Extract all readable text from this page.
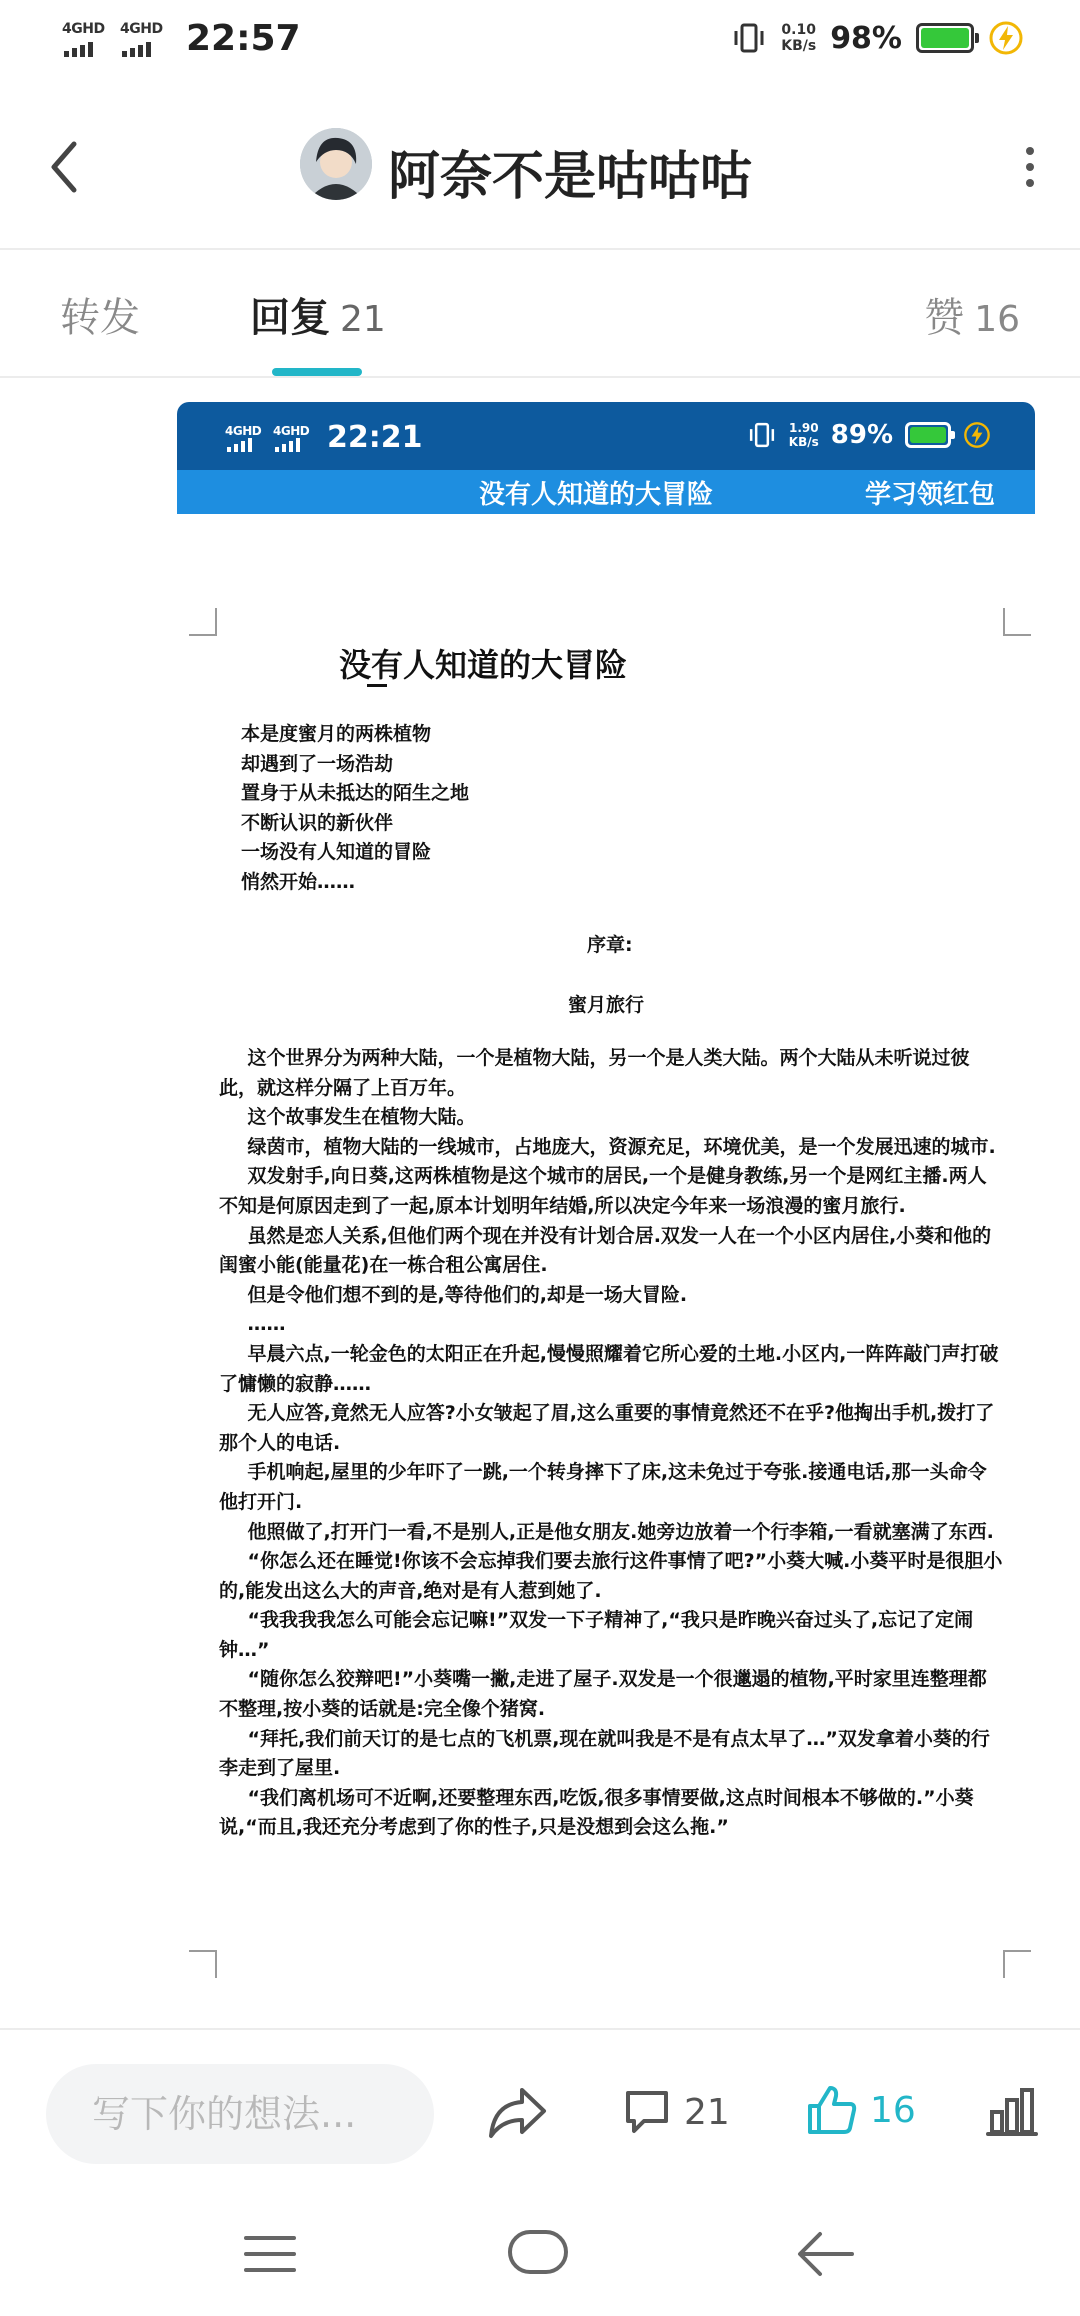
4GHD 4GHD 22:57	0.10
KB/s 98%
阿奈不是咕咕咕
转发	回复 21	赞 16
4GHD 4GHD 22:21	1.90
KB/s 89%
没有人知道的大冒险	学习领红包
没有人知道的大冒险
本是度蜜月的两株植物
却遇到了一场浩劫
置身于从未抵达的陌生之地
不断认识的新伙伴
一场没有人知道的冒险
悄然开始……
序章:
蜜月旅行

这个世界分为两种大陆，一个是植物大陆，另一个是人类大陆。两个大陆从未听说过彼此，就这样分隔了上百万年。

这个故事发生在植物大陆。

绿茵市，植物大陆的一线城市，占地庞大，资源充足，环境优美，是一个发展迅速的城市.

双发射手,向日葵,这两株植物是这个城市的居民,一个是健身教练,另一个是网红主播.两人不知是何原因走到了一起,原本计划明年结婚,所以决定今年来一场浪漫的蜜月旅行.

虽然是恋人关系,但他们两个现在并没有计划合居.双发一人在一个小区内居住,小葵和他的闺蜜小能(能量花)在一栋合租公寓居住.

但是令他们想不到的是,等待他们的,却是一场大冒险.

……

早晨六点,一轮金色的太阳正在升起,慢慢照耀着它所心爱的土地.小区内,一阵阵敲门声打破了慵懒的寂静……

无人应答,竟然无人应答?小女皱起了眉,这么重要的事情竟然还不在乎?他掏出手机,拨打了那个人的电话.

手机响起,屋里的少年吓了一跳,一个转身摔下了床,这未免过于夸张.接通电话,那一头命令他打开门.

他照做了,打开门一看,不是别人,正是他女朋友.她旁边放着一个行李箱,一看就塞满了东西.

“你怎么还在睡觉!你该不会忘掉我们要去旅行这件事情了吧?”小葵大喊.小葵平时是很胆小的,能发出这么大的声音,绝对是有人惹到她了.

“我我我我怎么可能会忘记嘛!”双发一下子精神了,“我只是昨晚兴奋过头了,忘记了定闹钟…”

“随你怎么狡辩吧!”小葵嘴一撇,走进了屋子.双发是一个很邋遢的植物,平时家里连整理都不整理,按小葵的话就是:完全像个猪窝.

“拜托,我们前天订的是七点的飞机票,现在就叫我是不是有点太早了…”双发拿着小葵的行李走到了屋里.

“我们离机场可不近啊,还要整理东西,吃饭,很多事情要做,这点时间根本不够做的.”小葵说,“而且,我还充分考虑到了你的性子,只是没想到会这么拖.”

写下你的想法...	21	16
